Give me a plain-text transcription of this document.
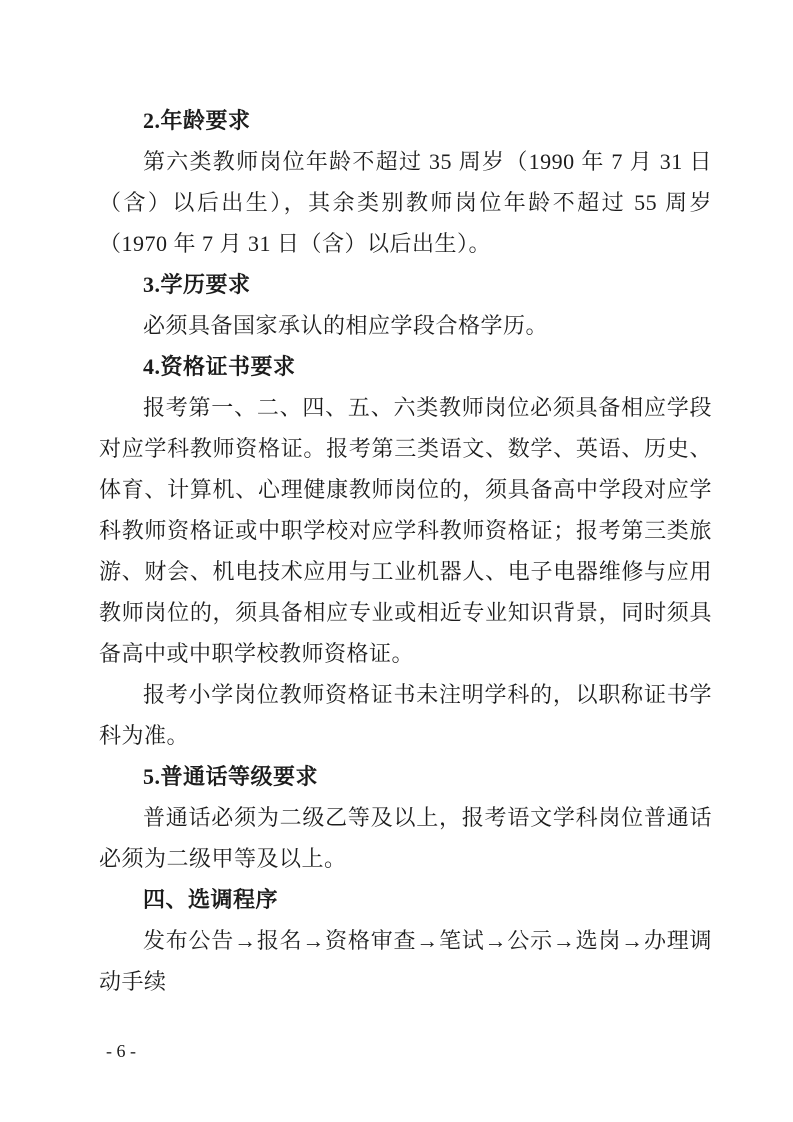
2.年龄要求

第六类教师岗位年龄不超过 35 周岁（1990 年 7 月 31 日（含）以后出生），其余类别教师岗位年龄不超过 55 周岁（1970 年 7 月 31 日（含）以后出生）。

3.学历要求

必须具备国家承认的相应学段合格学历。

4.资格证书要求

报考第一、二、四、五、六类教师岗位必须具备相应学段对应学科教师资格证。报考第三类语文、数学、英语、历史、体育、计算机、心理健康教师岗位的，须具备高中学段对应学科教师资格证或中职学校对应学科教师资格证；报考第三类旅游、财会、机电技术应用与工业机器人、电子电器维修与应用教师岗位的，须具备相应专业或相近专业知识背景，同时须具备高中或中职学校教师资格证。

报考小学岗位教师资格证书未注明学科的，以职称证书学科为准。

5.普通话等级要求

普通话必须为二级乙等及以上，报考语文学科岗位普通话必须为二级甲等及以上。

四、选调程序

发布公告→报名→资格审查→笔试→公示→选岗→办理调动手续

- 6 -
